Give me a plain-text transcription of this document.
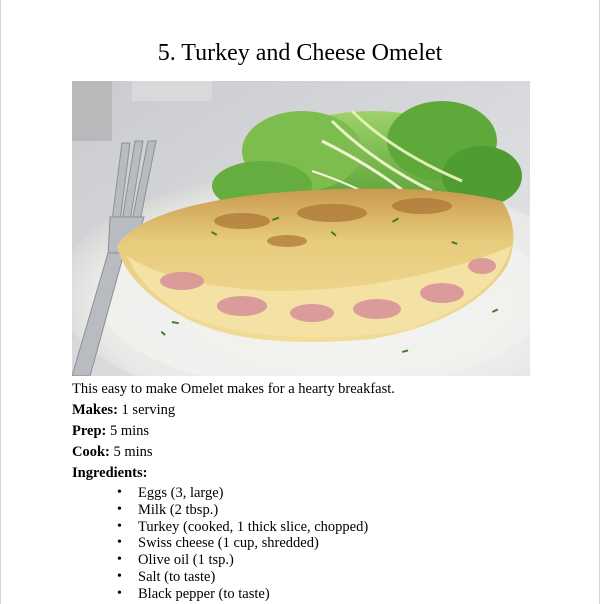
5. Turkey and Cheese Omelet
This easy to make Omelet makes for a hearty breakfast.
Makes: 1 serving
Prep: 5 mins
Cook: 5 mins
Ingredients:
• Eggs (3, large)
• Milk (2 tbsp.)
• Turkey (cooked, 1 thick slice, chopped)
• Swiss cheese (1 cup, shredded)
• Olive oil (1 tsp.)
• Salt (to taste)
• Black pepper (to taste)
